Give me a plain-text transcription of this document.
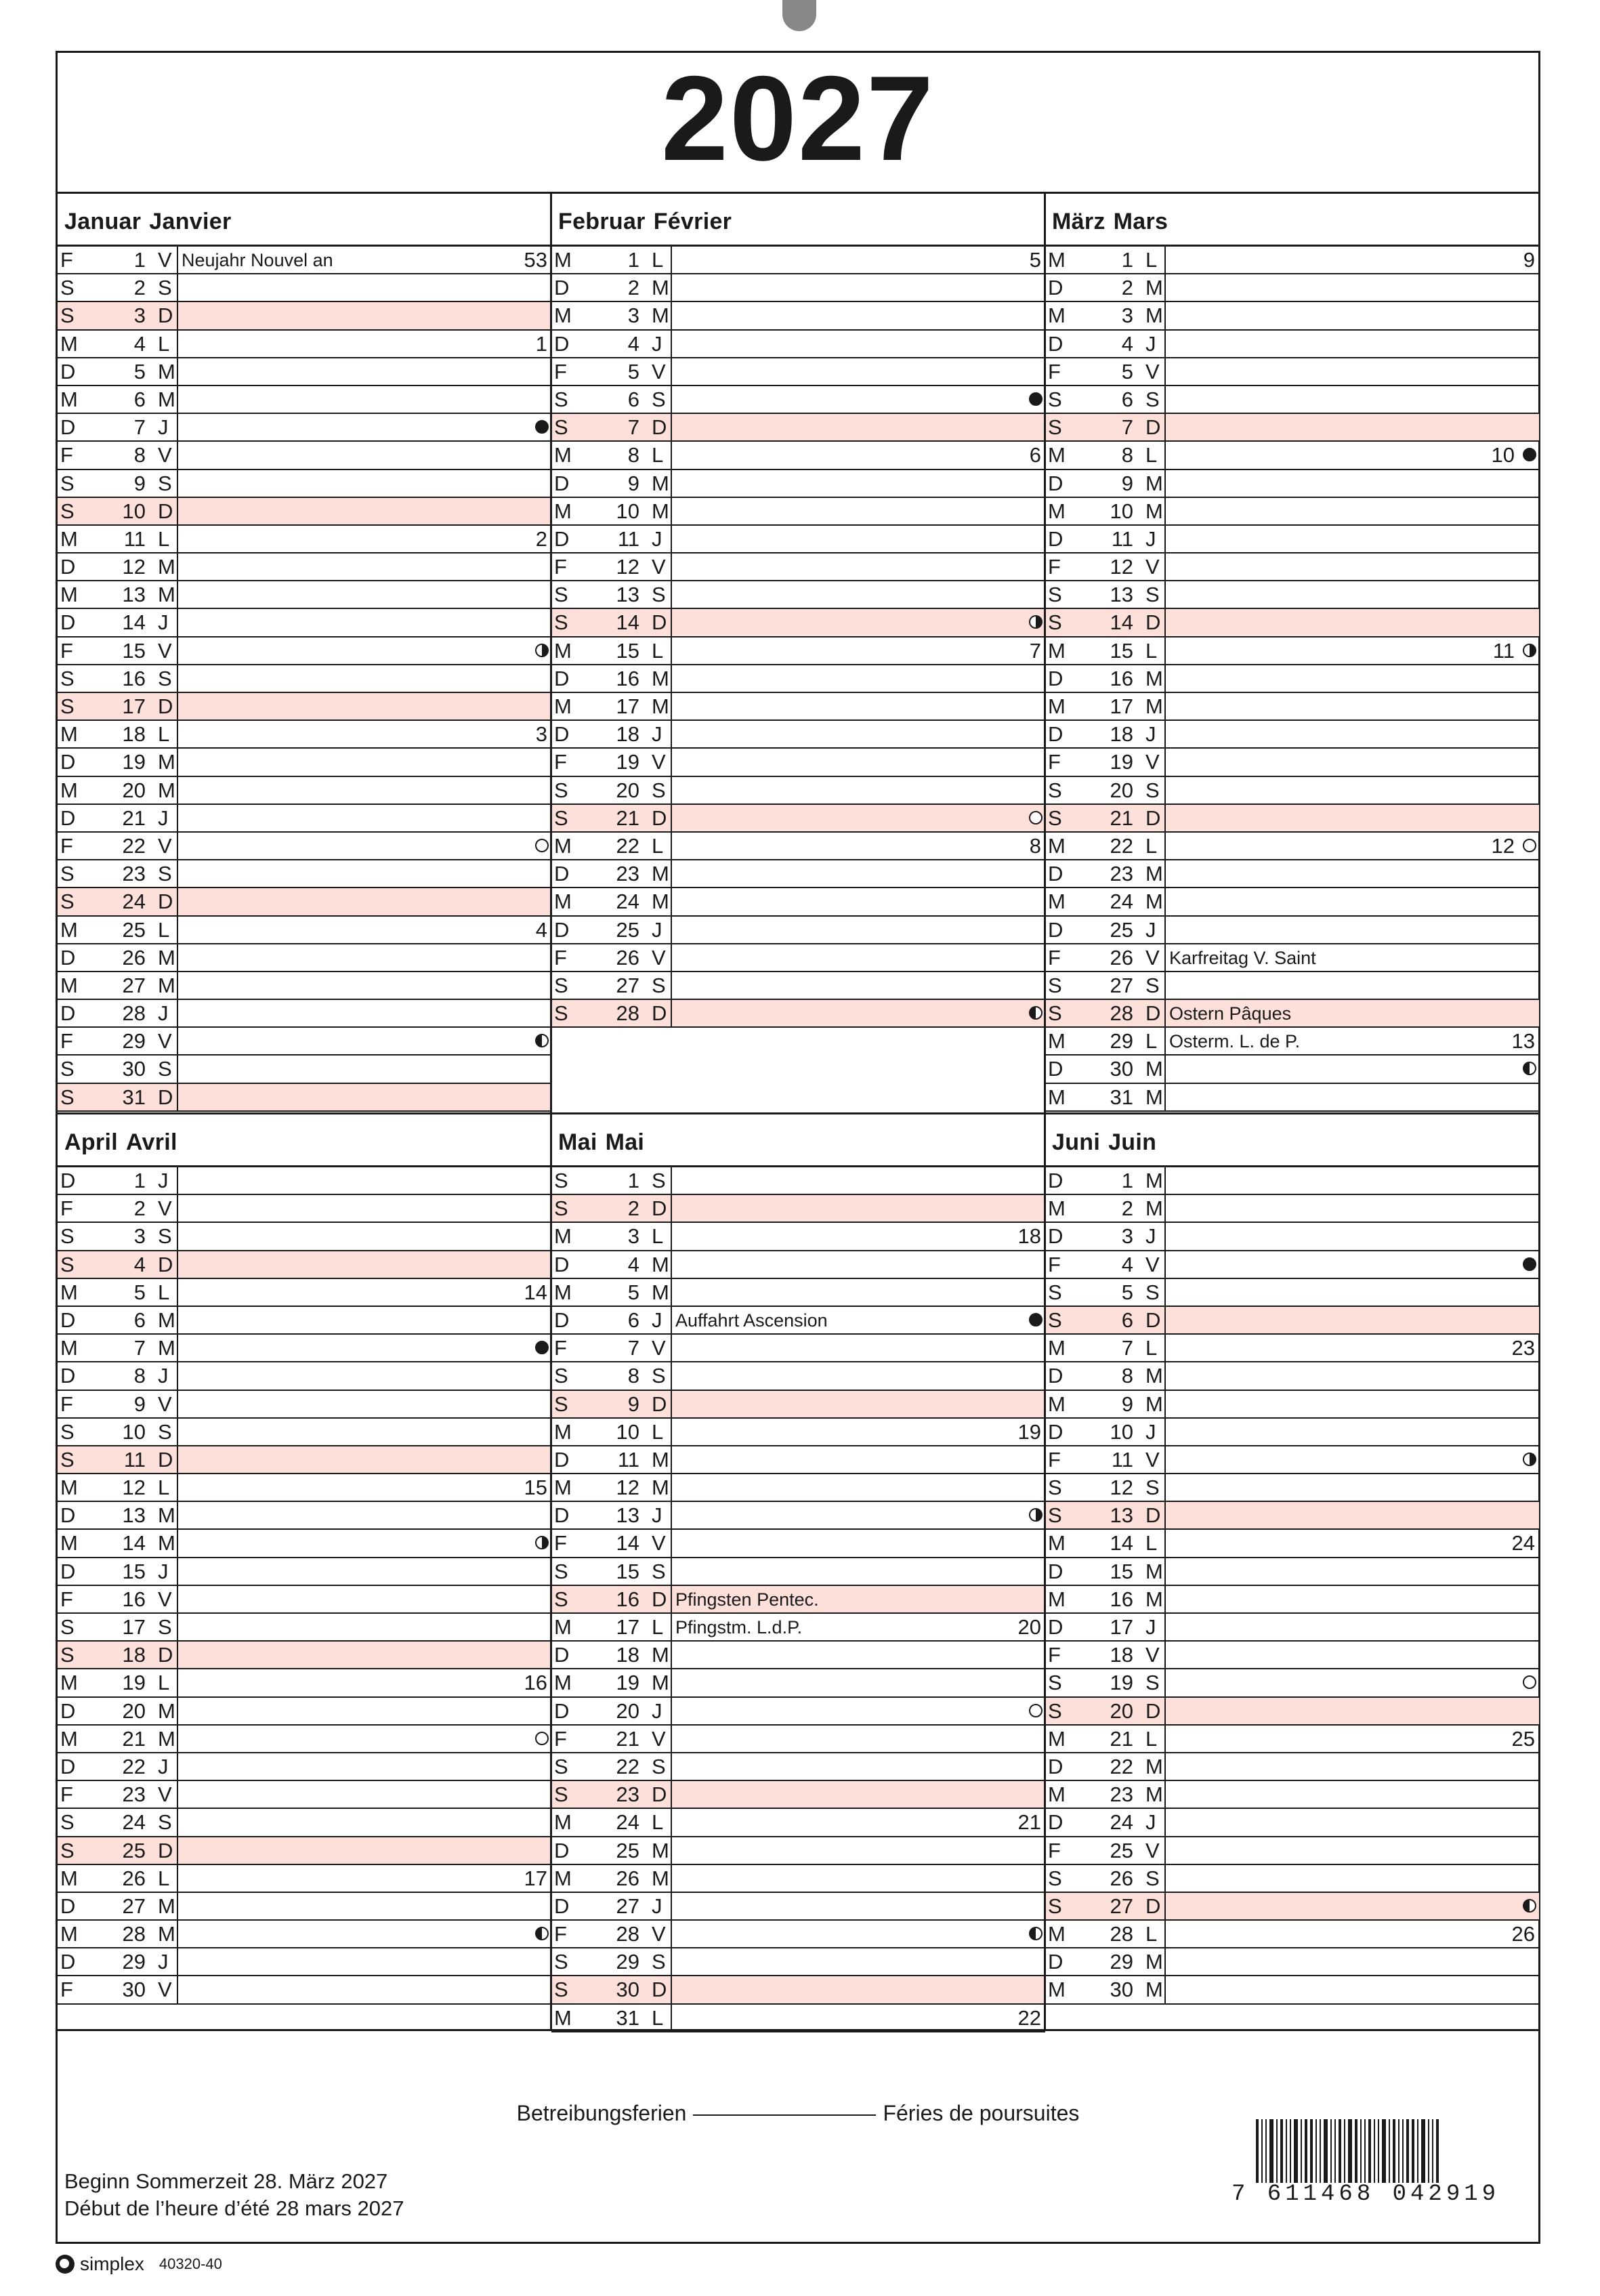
2027
Januar Janvier
F	1 V Neujahr Nouvel an	53
S	2 S
S	3 D
M	4 L	1
D	5 M
M	6 M
D	7 J
F	8 V
S	9 S
S	10 D
M	11 L	2
D	12 M
M	13 M
D	14 J
F	15 V
S	16 S
S	17 D
M	18 L	3
D	19 M
M	20 M
D	21 J
F	22 V
S	23 S
S	24 D
M	25 L	4
D	26 M
M	27 M
D	28 J
F	29 V
S	30 S
S	31 D
Februar Février
M	1 L	5
D	2 M
M	3 M
D	4 J
F	5 V
S	6 S
S	7 D
M	8 L	6
D	9 M
M	10 M
D	11 J
F	12 V
S	13 S
S	14 D
M	15 L	7
D	16 M
M	17 M
D	18 J
F	19 V
S	20 S
S	21 D
M	22 L	8
D	23 M
M	24 M
D	25 J
F	26 V
S	27 S
S	28 D
März Mars
M	1 L	9
D	2 M
M	3 M
D	4 J
F	5 V
S	6 S
S	7 D
M	8 L	10
D	9 M
M	10 M
D	11 J
F	12 V
S	13 S
S	14 D
M	15 L	11
D	16 M
M	17 M
D	18 J
F	19 V
S	20 S
S	21 D
M	22 L	12
D	23 M
M	24 M
D	25 J
F	26 V Karfreitag V. Saint
S	27 S
S	28 D Ostern Pâques
M	29 L Osterm. L. de P.	13
D	30 M
M	31 M
April Avril
D	1 J
F	2 V
S	3 S
S	4 D
M	5 L	14
D	6 M
M	7 M
D	8 J
F	9 V
S	10 S
S	11 D
M	12 L	15
D	13 M
M	14 M
D	15 J
F	16 V
S	17 S
S	18 D
M	19 L	16
D	20 M
M	21 M
D	22 J
F	23 V
S	24 S
S	25 D
M	26 L	17
D	27 M
M	28 M
D	29 J
F	30 V
Mai Mai
S	1 S
S	2 D
M	3 L	18
D	4 M
M	5 M
D	6 J Auffahrt Ascension
F	7 V
S	8 S
S	9 D
M	10 L	19
D	11 M
M	12 M
D	13 J
F	14 V
S	15 S
S	16 D Pfingsten Pentec.
M	17 L Pfingstm. L.d.P.	20
D	18 M
M	19 M
D	20 J
F	21 V
S	22 S
S	23 D
M	24 L	21
D	25 M
M	26 M
D	27 J
F	28 V
S	29 S
S	30 D
M	31 L	22
Juni Juin
D	1 M
M	2 M
D	3 J
F	4 V
S	5 S
S	6 D
M	7 L	23
D	8 M
M	9 M
D	10 J
F	11 V
S	12 S
S	13 D
M	14 L	24
D	15 M
M	16 M
D	17 J
F	18 V
S	19 S
S	20 D
M	21 L	25
D	22 M
M	23 M
D	24 J
F	25 V
S	26 S
S	27 D
M	28 L	26
D	29 M
M	30 M
Betreibungsferien	Féries de poursuites
Beginn Sommerzeit 28. März 2027
Début de l’heure d’été 28 mars 2027
7 611468 042919
simplex 40320-40
